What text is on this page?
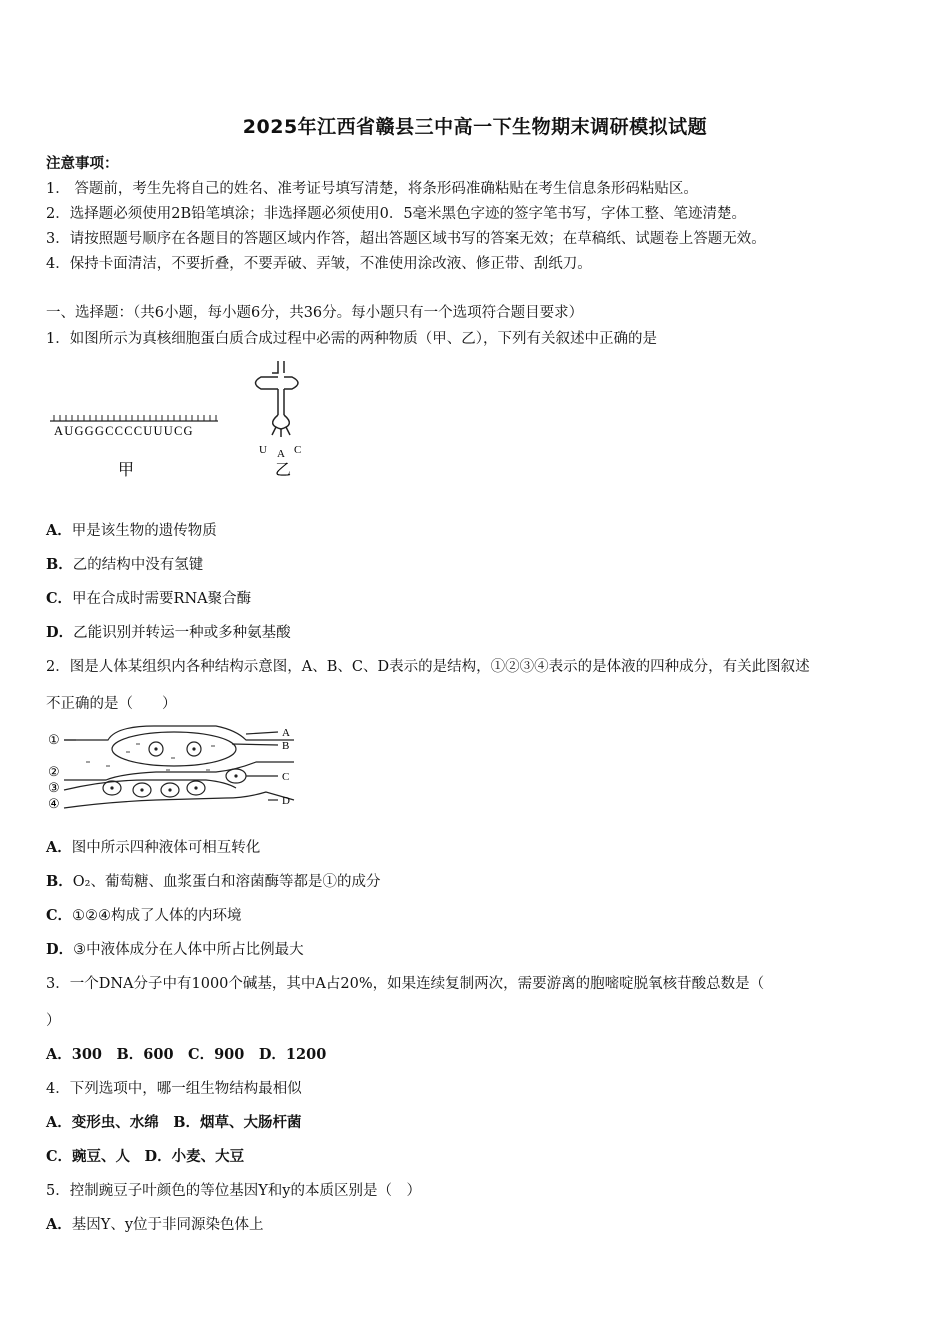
2025年江西省赣县三中高一下生物期末调研模拟试题
注意事项：
1． 答题前，考生先将自己的姓名、准考证号填写清楚，将条形码准确粘贴在考生信息条形码粘贴区。
2．选择题必须使用2B铅笔填涂；非选择题必须使用0．5毫米黑色字迹的签字笔书写，字体工整、笔迹清楚。
3．请按照题号顺序在各题目的答题区域内作答，超出答题区域书写的答案无效；在草稿纸、试题卷上答题无效。
4．保持卡面清洁，不要折叠，不要弄破、弄皱，不准使用涂改液、修正带、刮纸刀。
一、选择题：（共6小题，每小题6分，共36分。每小题只有一个选项符合题目要求）
1．如图所示为真核细胞蛋白质合成过程中必需的两种物质（甲、乙），下列有关叙述中正确的是
AUGGGCCCCUUUCG
甲
U A C
乙
A．甲是该生物的遗传物质
B．乙的结构中没有氢键
C．甲在合成时需要RNA聚合酶
D．乙能识别并转运一种或多种氨基酸
2．图是人体某组织内各种结构示意图，A、B、C、D表示的是结构，①②③④表示的是体液的四种成分，有关此图叙述
不正确的是（　　）
①
②
③
④
A
B
C
D
A．图中所示四种液体可相互转化
B．O₂、葡萄糖、血浆蛋白和溶菌酶等都是①的成分
C．①②④构成了人体的内环境
D．③中液体成分在人体中所占比例最大
3．一个DNA分子中有1000个碱基，其中A占20%，如果连续复制两次，需要游离的胞嘧啶脱氧核苷酸总数是（
）
A．300　B．600　C．900　D．1200
4．下列选项中，哪一组生物结构最相似
A．变形虫、水绵　B．烟草、大肠杆菌
C．豌豆、人　D．小麦、大豆
5．控制豌豆子叶颜色的等位基因Y和y的本质区别是（　）
A．基因Y、y位于非同源染色体上
